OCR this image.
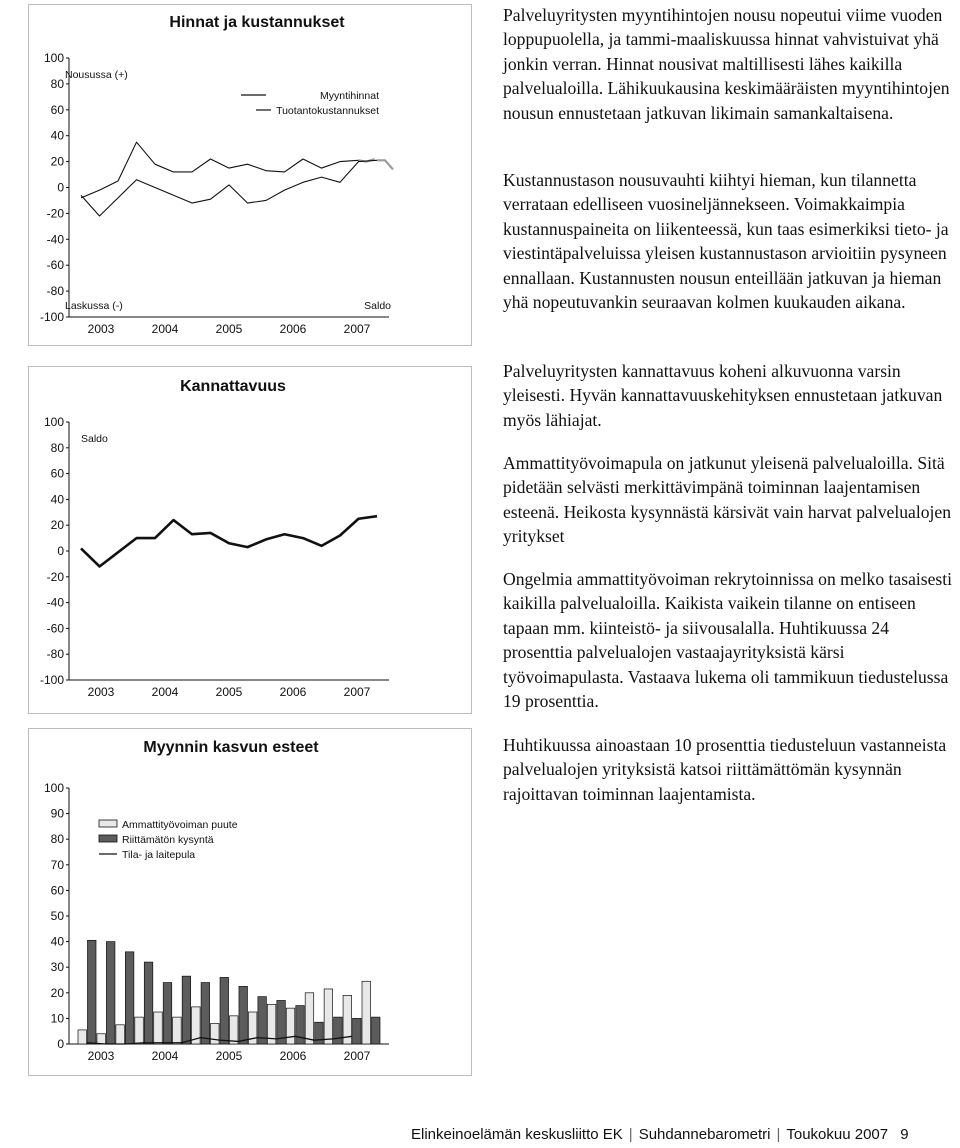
Hinnat ja kustannukset
Nousussa (+)
Laskussa (-)	Saldo
Myyntihinnat
Tuotantokustannukset
100
80
60
40
20
0
-20
-40
-60
-80
-100
2003	2004	2005	2006	2007
Kannattavuus
Saldo
100
80
60
40
20
0
-20
-40
-60
-80
-100
2003	2004	2005	2006	2007
Myynnin kasvun esteet
Ammattityövoiman puute
Riittämätön kysyntä
Tila- ja laitepula
100
90
80
70
60
50
40
30
20
10
0
2003	2004	2005	2006	2007

Palveluyritysten myyntihintojen nousu nopeutui viime vuoden loppupuolella, ja tammi-maaliskuussa hinnat vahvistuivat yhä jonkin verran. Hinnat nousivat maltillisesti lähes kaikilla palvelualoilla. Lähikuukausina keskimääräisten myyntihintojen nousun ennustetaan jatkuvan likimain samankaltaisena.

Kustannustason nousuvauhti kiihtyi hieman, kun tilannetta verrataan edelliseen vuosineljännekseen. Voimakkaimpia kustannuspaineita on liikenteessä, kun taas esimerkiksi tieto- ja viestintäpalveluissa yleisen kustannustason arvioitiin pysyneen ennallaan. Kustannusten nousun enteillään jatkuvan ja hieman yhä nopeutuvankin seuraavan kolmen kuukauden aikana.

Palveluyritysten kannattavuus koheni alkuvuonna varsin yleisesti. Hyvän kannattavuuskehityksen ennustetaan jatkuvan myös lähiajat.

Ammattityövoimapula on jatkunut yleisenä palvelualoilla. Sitä pidetään selvästi merkittävimpänä toiminnan laajentamisen esteenä. Heikosta kysynnästä kärsivät vain harvat palvelualojen yritykset

Ongelmia ammattityövoiman rekrytoinnissa on melko tasaisesti kaikilla palvelualoilla. Kaikista vaikein tilanne on entiseen tapaan mm. kiinteistö- ja siivousalalla. Huhtikuussa 24 prosenttia palvelualojen vastaajayrityksistä kärsi työvoimapulasta. Vastaava lukema oli tammikuun tiedustelussa 19 prosenttia.

Huhtikuussa ainoastaan 10 prosenttia tiedusteluun vastanneista palvelualojen yrityksistä katsoi riittämättömän kysynnän rajoittavan toiminnan laajentamista.

Elinkeinoelämän keskusliitto EK | Suhdannebarometri | Toukokuu 2007 9
